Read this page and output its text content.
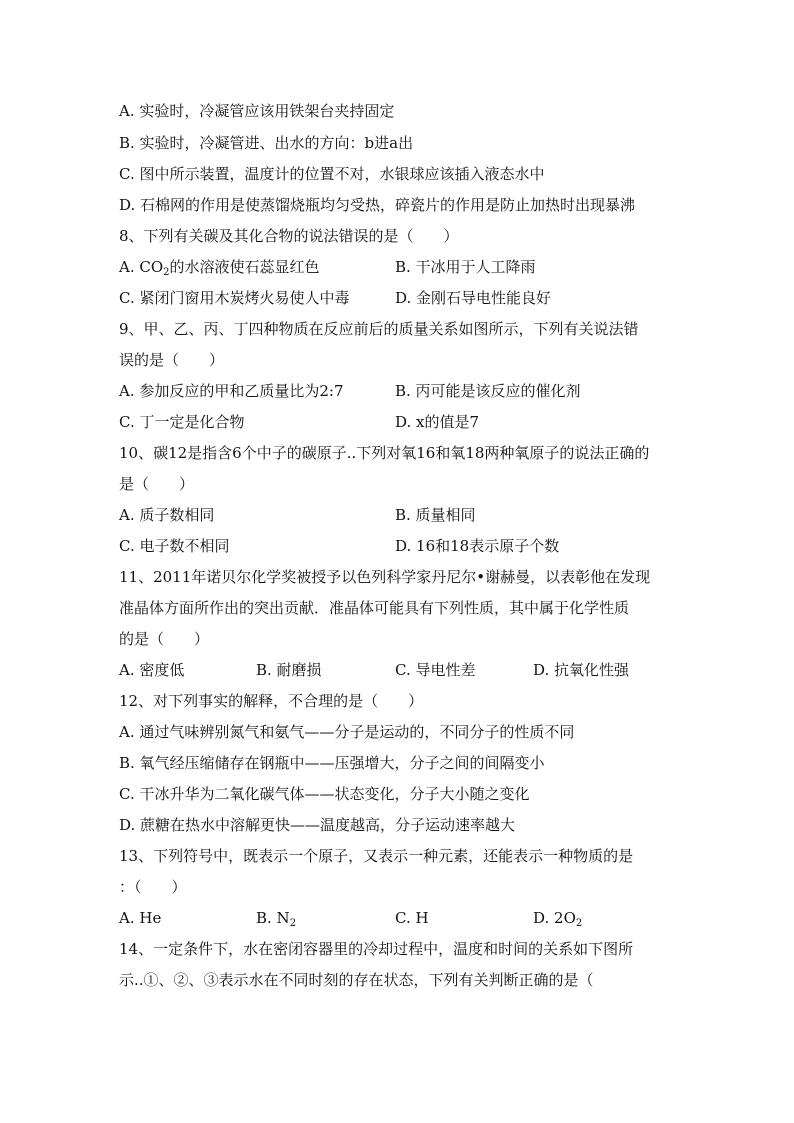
A. 实验时，冷凝管应该用铁架台夹持固定
B. 实验时，冷凝管进、出水的方向：b进a出
C. 图中所示装置，温度计的位置不对，水银球应该插入液态水中
D. 石棉网的作用是使蒸馏烧瓶均匀受热，碎瓷片的作用是防止加热时出现暴沸
8、下列有关碳及其化合物的说法错误的是（　　）
A. $CO_2$的水溶液使石蕊显红色	B. 干冰用于人工降雨
C. 紧闭门窗用木炭烤火易使人中毒	D. 金刚石导电性能良好
9、甲、乙、丙、丁四种物质在反应前后的质量关系如图所示，下列有关说法错
误的是（　　）
A. 参加反应的甲和乙质量比为2:7	B. 丙可能是该反应的催化剂
C. 丁一定是化合物	D. x的值是7
10、碳12是指含6个中子的碳原子..下列对氧16和氧18两种氧原子的说法正确的
是（　　）
A. 质子数相同	B. 质量相同
C. 电子数不相同	D. 16和18表示原子个数
11、2011年诺贝尔化学奖被授予以色列科学家丹尼尔•谢赫曼，以表彰他在发现
准晶体方面所作出的突出贡献．准晶体可能具有下列性质，其中属于化学性质
的是（　　）
A. 密度低	B. 耐磨损	C. 导电性差	D. 抗氧化性强
12、对下列事实的解释，不合理的是（　　）
A. 通过气味辨别氮气和氨气——分子是运动的，不同分子的性质不同
B. 氧气经压缩储存在钢瓶中——压强增大，分子之间的间隔变小
C. 干冰升华为二氧化碳气体——状态变化，分子大小随之变化
D. 蔗糖在热水中溶解更快——温度越高，分子运动速率越大
13、下列符号中，既表示一个原子，又表示一种元素，还能表示一种物质的是
：（　　）
A. He	B. $N_2$	C. H	D. $2O_2$
14、一定条件下，水在密闭容器里的冷却过程中，温度和时间的关系如下图所
示..①、②、③表示水在不同时刻的存在状态，下列有关判断正确的是（
